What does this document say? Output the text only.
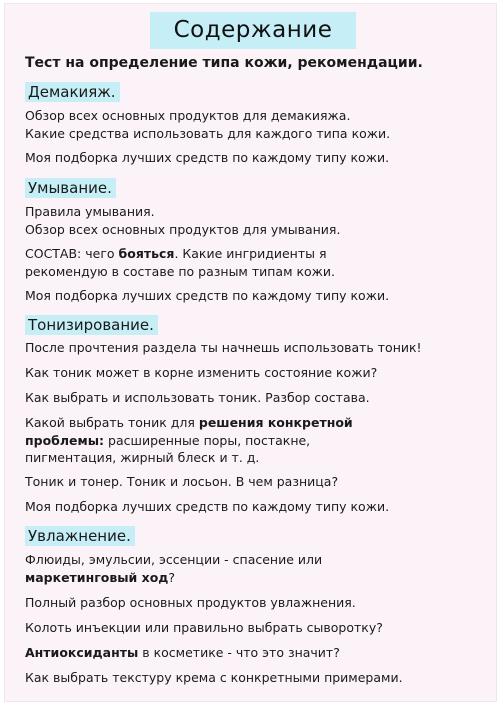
Содержание
Тест на определение типа кожи, рекомендации.
Демакияж.
Обзор всех основных продуктов для демакияжа.
Какие средства использовать для каждого типа кожи.
Моя подборка лучших средств по каждому типу кожи.
Умывание.
Правила умывания.
Обзор всех основных продуктов для умывания.
СОСТАВ: чего бояться. Какие ингридиенты я
рекомендую в составе по разным типам кожи.
Моя подборка лучших средств по каждому типу кожи.
Тонизирование.
После прочтения раздела ты начнешь использовать тоник!
Как тоник может в корне изменить состояние кожи?
Как выбрать и использовать тоник. Разбор состава.
Какой выбрать тоник для решения конкретной
проблемы: расширенные поры, постакне,
пигментация, жирный блеск и т. д.
Тоник и тонер. Тоник и лосьон. В чем разница?
Моя подборка лучших средств по каждому типу кожи.
Увлажнение.
Флюиды, эмульсии, эссенции - спасение или
маркетинговый ход?
Полный разбор основных продуктов увлажнения.
Колоть инъекции или правильно выбрать сыворотку?
Антиоксиданты в косметике - что это значит?
Как выбрать текстуру крема с конкретными примерами.
